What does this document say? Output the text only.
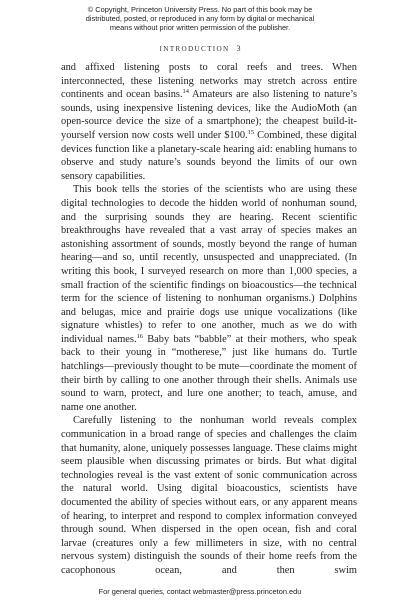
© Copyright, Princeton University Press. No part of this book may be
distributed, posted, or reproduced in any form by digital or mechanical
means without prior written permission of the publisher.
INTRODUCTION 3

and affixed listening posts to coral reefs and trees. When interconnected, these listening networks may stretch across entire continents and ocean basins.$^{14}$ Amateurs are also listening to nature’s sounds, using inexpensive listening devices, like the AudioMoth (an open-source device the size of a smartphone); the cheapest build-it-yourself version now costs well under $100.15 Combined, these digital devices function like a planetary-scale hearing aid: enabling humans to observe and study nature’s sounds beyond the limits of our own sensory capabilities.

This book tells the stories of the scientists who are using these digital technologies to decode the hidden world of nonhuman sound, and the surprising sounds they are hearing. Recent scientific breakthroughs have revealed that a vast array of species makes an astonishing assortment of sounds, mostly beyond the range of human hearing—and so, until recently, unsuspected and unappreciated. (In writing this book, I surveyed research on more than 1,000 species, a small fraction of the scientific findings on bioacoustics—the technical term for the science of listening to nonhuman organisms.) Dolphins and belugas, mice and prairie dogs use unique vocalizations (like signature whistles) to refer to one another, much as we do with individual names.$^{16}$ Baby bats “babble” at their mothers, who speak back to their young in “motherese,” just like humans do. Turtle hatchlings—previously thought to be mute—coordinate the moment of their birth by calling to one another through their shells. Animals use sound to warn, protect, and lure one another; to teach, amuse, and name one another.

Carefully listening to the nonhuman world reveals complex communication in a broad range of species and challenges the claim that humanity, alone, uniquely possesses language. These claims might seem plausible when discussing primates or birds. But what digital technologies reveal is the vast extent of sonic communication across the natural world. Using digital bioacoustics, scientists have documented the ability of species without ears, or any apparent means of hearing, to interpret and respond to complex information conveyed through sound. When dispersed in the open ocean, fish and coral larvae (creatures only a few millimeters in size, with no central nervous system) distinguish the sounds of their home reefs from the cacophonous ocean, and then swim

For general queries, contact webmaster@press.princeton.edu
